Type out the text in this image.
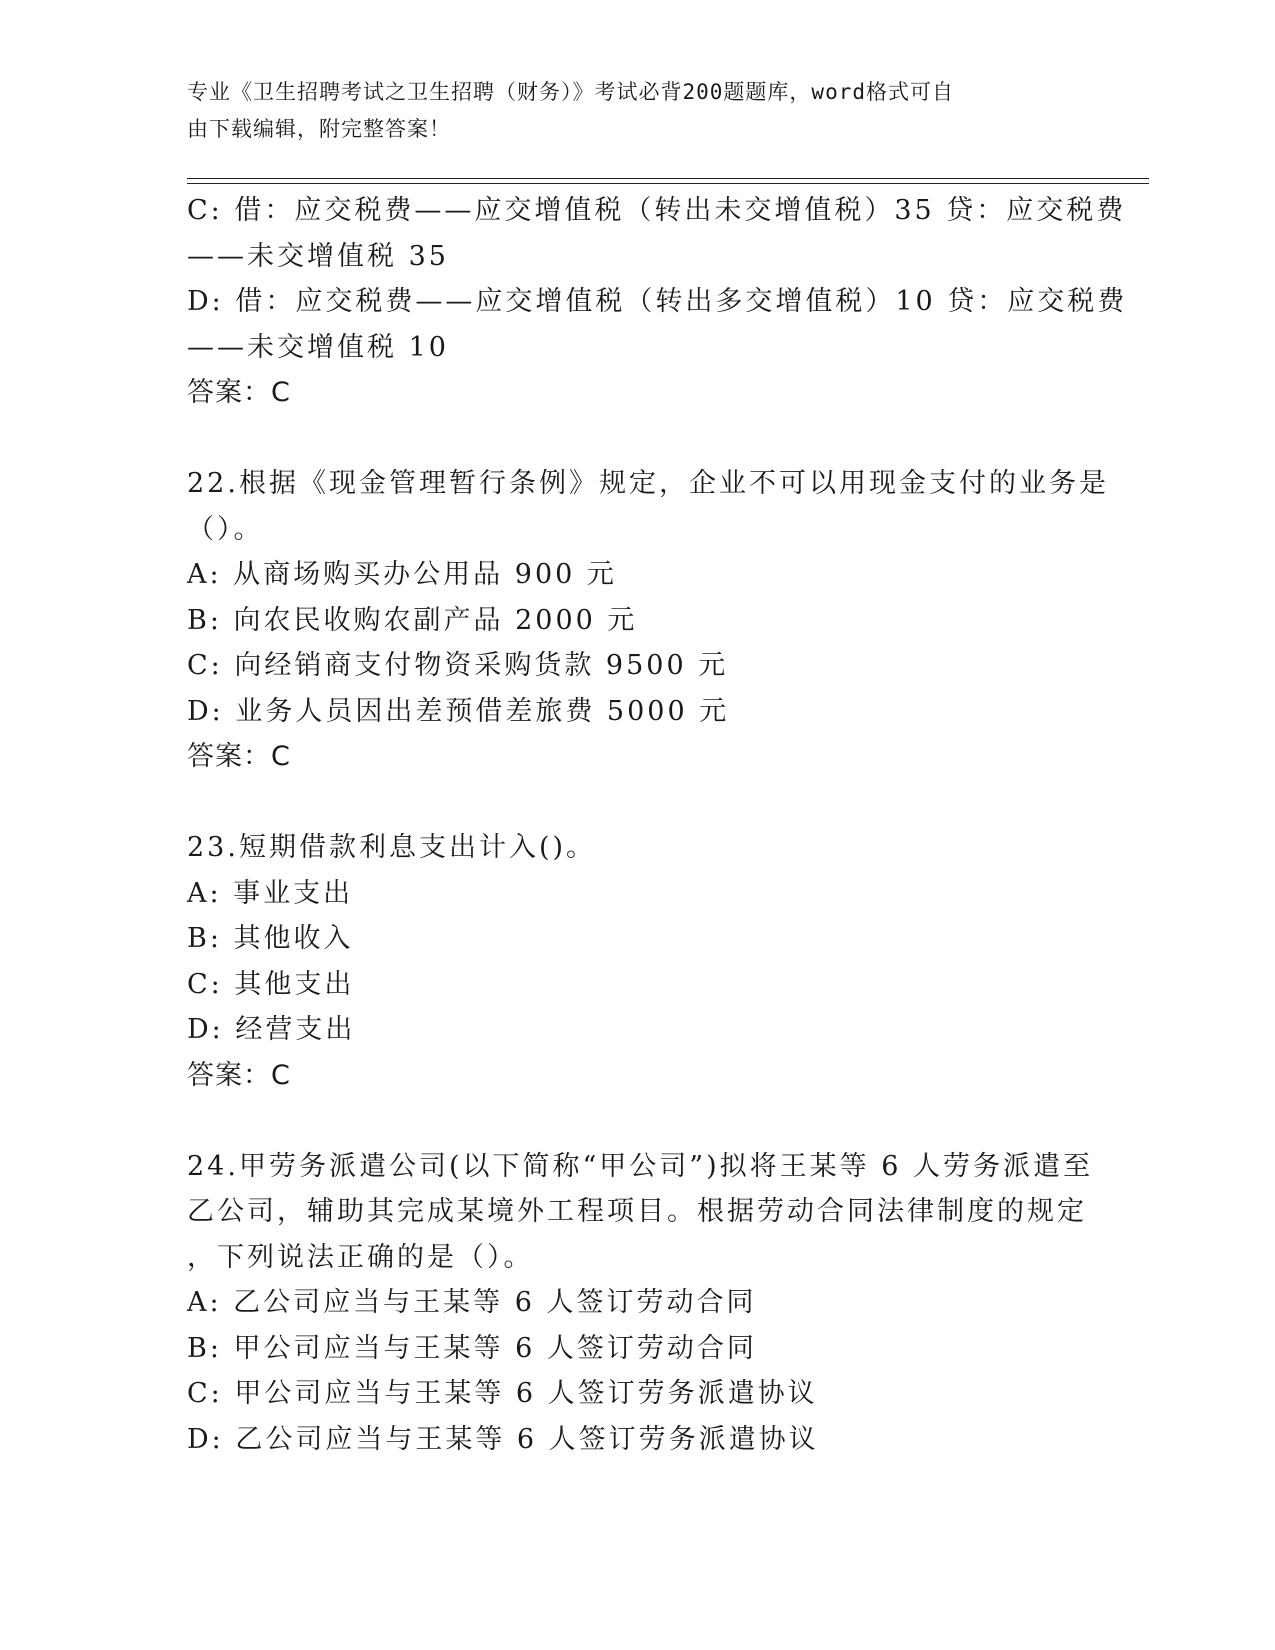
专业《卫生招聘考试之卫生招聘（财务）》考试必背200题题库，word格式可自
由下载编辑，附完整答案！
C: 借：应交税费——应交增值税（转出未交增值税）35 贷：应交税费
——未交增值税 35
D: 借：应交税费——应交增值税（转出多交增值税）10 贷：应交税费
——未交增值税 10
答案：C
22.根据《现金管理暂行条例》规定，企业不可以用现金支付的业务是
（）。
A: 从商场购买办公用品 900 元
B: 向农民收购农副产品 2000 元
C: 向经销商支付物资采购货款 9500 元
D: 业务人员因出差预借差旅费 5000 元
答案：C
23.短期借款利息支出计入()。
A: 事业支出
B: 其他收入
C: 其他支出
D: 经营支出
答案：C
24.甲劳务派遣公司(以下简称“甲公司”)拟将王某等 6 人劳务派遣至
乙公司，辅助其完成某境外工程项目。根据劳动合同法律制度的规定
，下列说法正确的是（）。
A: 乙公司应当与王某等 6 人签订劳动合同
B: 甲公司应当与王某等 6 人签订劳动合同
C: 甲公司应当与王某等 6 人签订劳务派遣协议
D: 乙公司应当与王某等 6 人签订劳务派遣协议
